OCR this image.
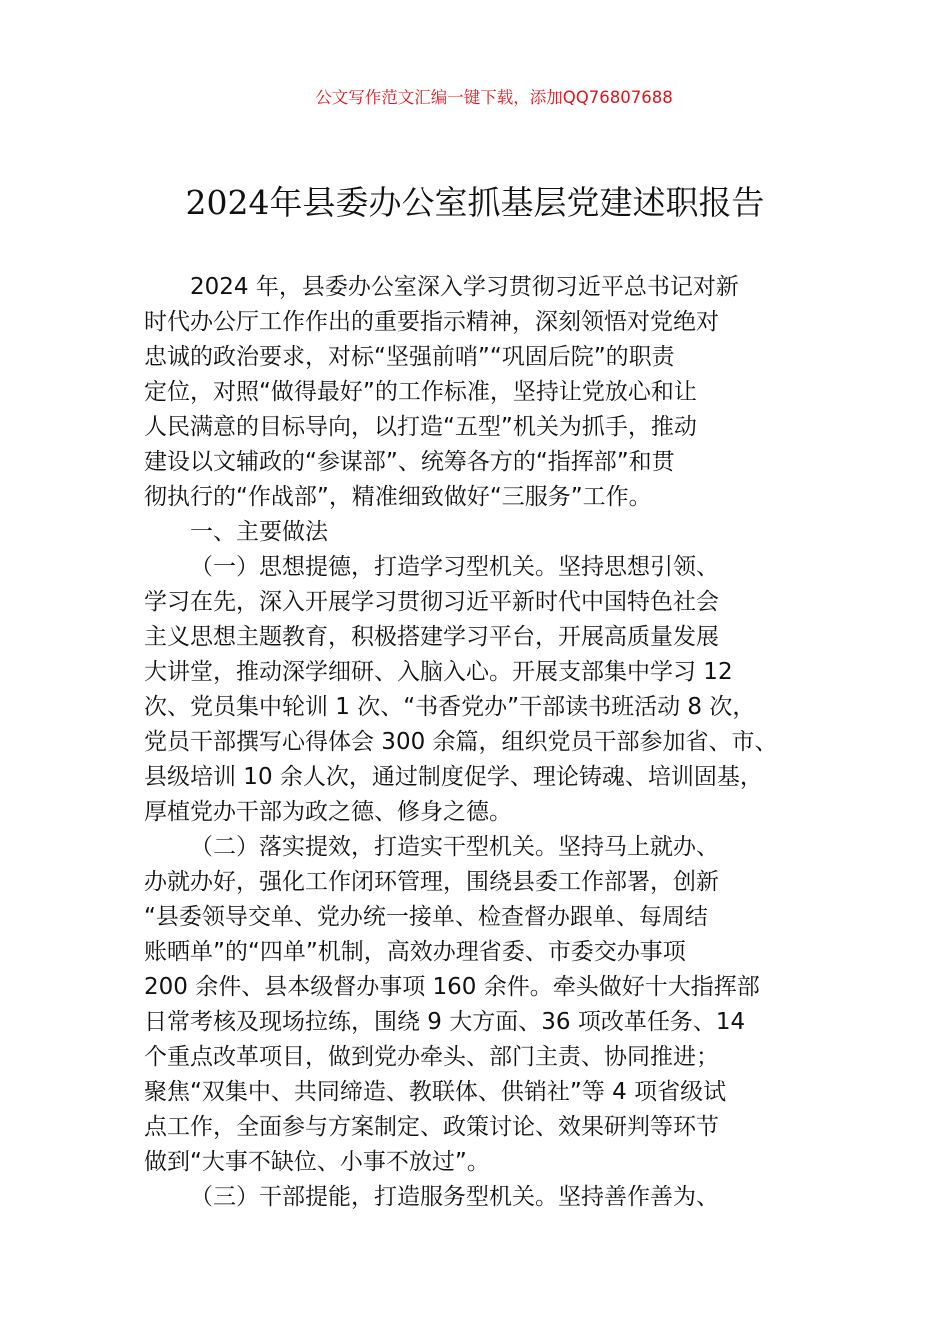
公文写作范文汇编一键下载，添加QQ76807688
2024年县委办公室抓基层党建述职报告
2024 年，县委办公室深入学习贯彻习近平总书记对新
时代办公厅工作作出的重要指示精神，深刻领悟对党绝对
忠诚的政治要求，对标“坚强前哨”“巩固后院”的职责
定位，对照“做得最好”的工作标准，坚持让党放心和让
人民满意的目标导向，以打造“五型”机关为抓手，推动
建设以文辅政的“参谋部”、统筹各方的“指挥部”和贯
彻执行的“作战部”，精准细致做好“三服务”工作。
一、主要做法
（一）思想提德，打造学习型机关。坚持思想引领、
学习在先，深入开展学习贯彻习近平新时代中国特色社会
主义思想主题教育，积极搭建学习平台，开展高质量发展
大讲堂，推动深学细研、入脑入心。开展支部集中学习 12
次、党员集中轮训 1 次、“书香党办”干部读书班活动 8 次，
党员干部撰写心得体会 300 余篇，组织党员干部参加省、市、
县级培训 10 余人次，通过制度促学、理论铸魂、培训固基，
厚植党办干部为政之德、修身之德。
（二）落实提效，打造实干型机关。坚持马上就办、
办就办好，强化工作闭环管理，围绕县委工作部署，创新
“县委领导交单、党办统一接单、检查督办跟单、每周结
账晒单”的“四单”机制，高效办理省委、市委交办事项
200 余件、县本级督办事项 160 余件。牵头做好十大指挥部
日常考核及现场拉练，围绕 9 大方面、36 项改革任务、14
个重点改革项目，做到党办牵头、部门主责、协同推进；
聚焦“双集中、共同缔造、教联体、供销社”等 4 项省级试
点工作，全面参与方案制定、政策讨论、效果研判等环节
做到“大事不缺位、小事不放过”。
（三）干部提能，打造服务型机关。坚持善作善为、
